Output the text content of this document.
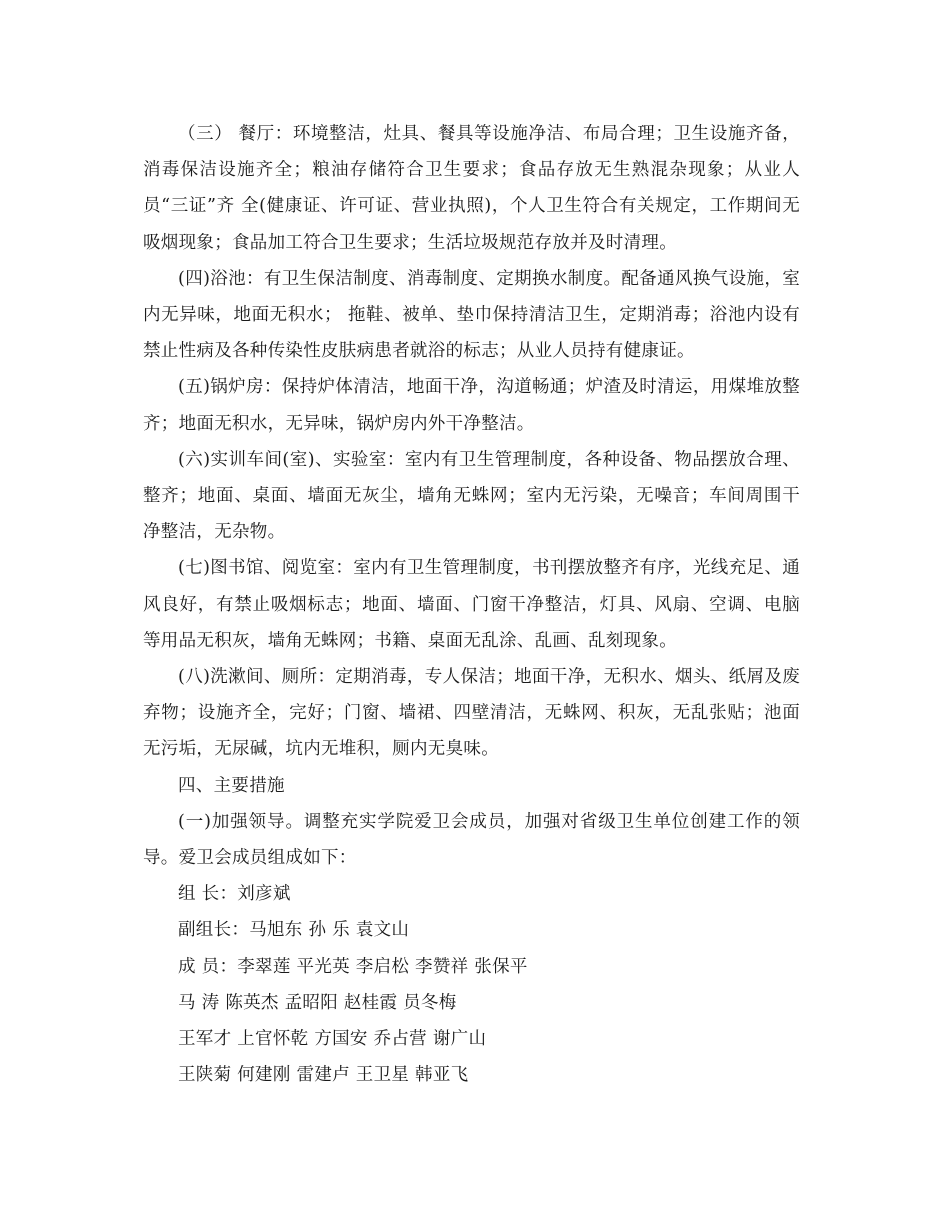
（三） 餐厅：环境整洁，灶具、餐具等设施净洁、布局合理；卫生设施齐备，消毒保洁设施齐全；粮油存储符合卫生要求；食品存放无生熟混杂现象；从业人员“三证”齐 全(健康证、许可证、营业执照)，个人卫生符合有关规定，工作期间无吸烟现象；食品加工符合卫生要求；生活垃圾规范存放并及时清理。

(四)浴池：有卫生保洁制度、消毒制度、定期换水制度。配备通风换气设施，室内无异味，地面无积水； 拖鞋、被单、垫巾保持清洁卫生，定期消毒；浴池内设有禁止性病及各种传染性皮肤病患者就浴的标志；从业人员持有健康证。

(五)锅炉房：保持炉体清洁，地面干净，沟道畅通；炉渣及时清运，用煤堆放整齐；地面无积水，无异味，锅炉房内外干净整洁。

(六)实训车间(室)、实验室：室内有卫生管理制度，各种设备、物品摆放合理、整齐；地面、桌面、墙面无灰尘，墙角无蛛网；室内无污染，无噪音；车间周围干净整洁，无杂物。

(七)图书馆、阅览室：室内有卫生管理制度，书刊摆放整齐有序，光线充足、通风良好，有禁止吸烟标志；地面、墙面、门窗干净整洁，灯具、风扇、空调、电脑等用品无积灰，墙角无蛛网；书籍、桌面无乱涂、乱画、乱刻现象。

(八)洗漱间、厕所：定期消毒，专人保洁；地面干净，无积水、烟头、纸屑及废弃物；设施齐全，完好；门窗、墙裙、四壁清洁，无蛛网、积灰，无乱张贴；池面无污垢，无尿碱，坑内无堆积，厕内无臭味。

四、主要措施

(一)加强领导。调整充实学院爱卫会成员，加强对省级卫生单位创建工作的领导。爱卫会成员组成如下：

组 长：刘彦斌

副组长：马旭东 孙 乐 袁文山

成 员：李翠莲 平光英 李启松 李赞祥 张保平

马 涛 陈英杰 孟昭阳 赵桂霞 员冬梅

王军才 上官怀乾 方国安 乔占营 谢广山

王陕菊 何建刚 雷建卢 王卫星 韩亚飞
